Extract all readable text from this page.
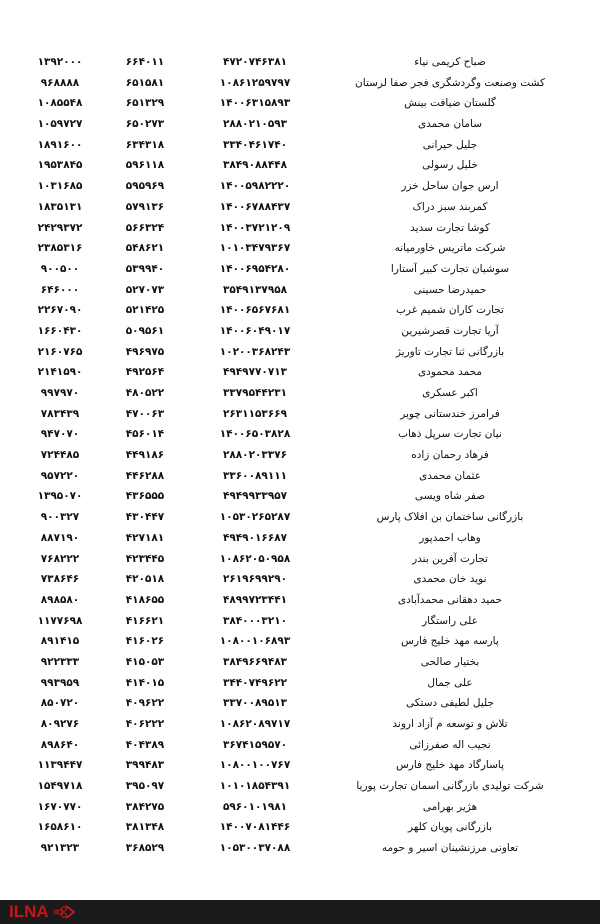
صباح کریمی نیاء
۴۷۲۰۷۴۶۳۸۱
۶۶۴۰۱۱
۱۳۹۲۰۰۰
کشت وصنعت وگردشگری فجر صفا لرستان
۱۰۸۶۱۲۵۹۷۹۷
۶۵۱۵۸۱
۹۶۸۸۸۸
گلستان ضیافت بینش
۱۴۰۰۶۳۱۵۸۹۳
۶۵۱۳۲۹
۱۰۸۵۵۴۸
سامان محمدی
۲۸۸۰۲۱۰۵۹۳
۶۵۰۲۷۳
۱۰۵۹۷۲۷
جلیل حیرانی
۳۳۴۰۴۶۱۷۴۰
۶۳۴۳۱۸
۱۸۹۱۶۰۰
خلیل رسولی
۳۸۴۹۰۸۸۴۴۸
۵۹۶۱۱۸
۱۹۵۳۸۴۵
ارس جوان ساحل خزر
۱۴۰۰۵۹۸۲۲۲۰
۵۹۵۹۶۹
۱۰۳۱۶۸۵
کمربند سبز دراک
۱۴۰۰۶۷۸۸۴۳۷
۵۷۹۱۳۶
۱۸۳۵۱۳۱
کوشا تجارت سدید
۱۴۰۰۳۷۲۱۲۰۹
۵۶۶۳۲۴
۲۴۲۹۳۷۲
شرکت ماتریس خاورمیانه
۱۰۱۰۳۴۷۹۳۶۷
۵۴۸۶۲۱
۲۳۸۵۳۱۶
سوشیان تجارت کبیر آستارا
۱۴۰۰۶۹۵۴۲۸۰
۵۳۹۹۴۰
۹۰۰۵۰۰
حمیدرضا حسینی
۳۵۴۹۱۳۷۹۵۸
۵۲۷۰۷۳
۶۴۶۰۰۰
تجارت کاران شمیم غرب
۱۴۰۰۶۵۶۷۶۸۱
۵۲۱۴۲۵
۲۲۶۷۰۹۰
آریا تجارت قصرشیرین
۱۴۰۰۶۰۴۹۰۱۷
۵۰۹۵۶۱
۱۶۶۰۴۳۰
بازرگانی ثنا تجارت تاوریژ
۱۰۲۰۰۳۶۸۲۴۳
۴۹۶۹۷۵
۲۱۶۰۷۶۵
محمد محمودی
۴۹۴۹۷۷۰۷۱۳
۴۹۲۵۶۴
۲۱۴۱۵۹۰
اکبر عسکری
۳۳۷۹۵۴۴۲۳۱
۴۸۰۵۲۲
۹۹۷۹۷۰
فرامرز خندستانی چوبر
۲۶۳۱۱۵۳۶۶۹
۴۷۰۰۶۳
۷۸۳۴۳۹
نیان تجارت سرپل ذهاب
۱۴۰۰۶۵۰۳۸۲۸
۴۵۶۰۱۴
۹۴۷۰۷۰
فرهاد رحمان زاده
۲۸۸۰۲۰۳۳۷۶
۴۴۹۱۸۶
۷۲۴۴۸۵
عثمان محمدی
۳۳۶۰۰۸۹۱۱۱
۴۴۶۲۸۸
۹۵۷۲۲۰
صفر شاه ویسی
۴۹۴۹۹۳۳۹۵۷
۴۳۶۵۵۵
۱۳۹۵۰۷۰
بازرگانی ساختمان بن افلاک پارس
۱۰۵۳۰۲۶۵۲۸۷
۴۳۰۴۴۷
۹۰۰۳۲۷
وهاب احمدپور
۴۹۴۹۰۱۶۶۸۷
۴۲۷۱۸۱
۸۸۷۱۹۰
تجارت آفرین بندر
۱۰۸۶۲۰۵۰۹۵۸
۴۲۳۴۴۵
۷۶۸۲۲۲
نوید خان محمدی
۲۶۱۹۶۹۹۲۹۰
۴۲۰۵۱۸
۷۳۸۶۴۶
حمید دهقانی محمدآبادی
۴۸۹۹۷۲۳۴۴۱
۴۱۸۶۵۵
۸۹۸۵۸۰
علی راستگار
۳۸۴۰۰۰۳۲۱۰
۴۱۶۶۲۱
۱۱۷۷۶۹۸
پارسه مهد خلیج فارس
۱۰۸۰۰۱۰۶۸۹۳
۴۱۶۰۲۶
۸۹۱۴۱۵
بختیار صالحی
۳۸۴۹۶۶۹۴۸۳
۴۱۵۰۵۳
۹۲۲۳۳۳
علی جمال
۳۴۴۰۷۴۹۶۲۲
۴۱۴۰۱۵
۹۹۳۹۵۹
جلیل لطیفی دستکی
۳۳۷۰۰۸۹۵۱۳
۴۰۹۶۲۲
۸۵۰۷۲۰
تلاش و توسعه م آزاد اروند
۱۰۸۶۲۰۸۹۷۱۷
۴۰۶۲۲۲
۸۰۹۲۷۶
نجیب اله صفرزائی
۳۶۷۴۱۵۹۵۷۰
۴۰۴۳۸۹
۸۹۸۶۴۰
پاسارگاد مهد خلیج فارس
۱۰۸۰۰۱۰۰۷۶۷
۳۹۹۴۸۳
۱۱۳۹۴۴۷
شرکت تولیدی بازرگانی اسمان تجارت پوریا
۱۰۱۰۱۸۵۴۳۹۱
۳۹۵۰۹۷
۱۵۴۹۷۱۸
هژیر بهرامی
۵۹۶۰۱۰۱۹۸۱
۳۸۴۲۷۵
۱۶۷۰۷۷۰
بازرگانی پویان کلهر
۱۴۰۰۷۰۸۱۴۴۶
۳۸۱۳۴۸
۱۶۵۸۶۱۰
تعاونی مرزنشینان اسیر و حومه
۱۰۵۳۰۰۳۷۰۸۸
۳۶۸۵۲۹
۹۲۱۳۲۳
ILNA
